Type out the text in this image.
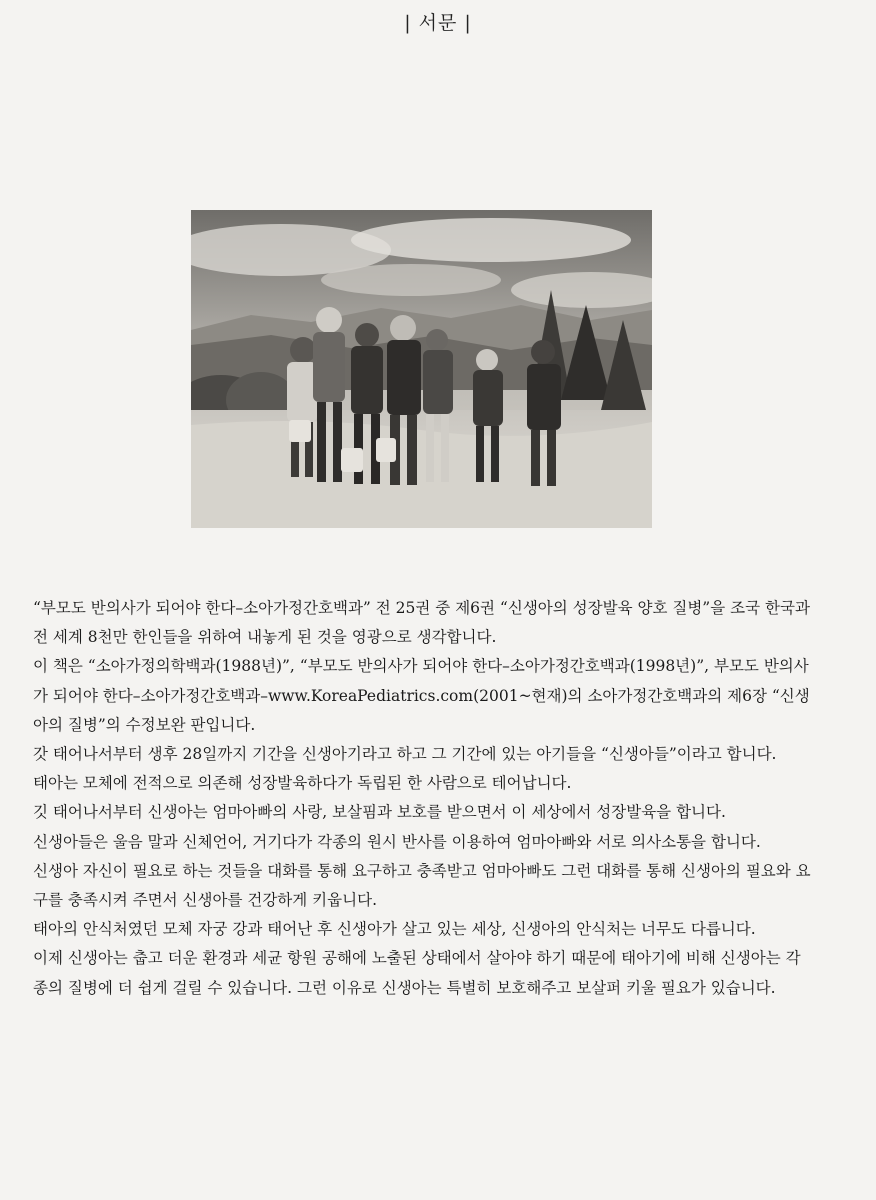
| 서문 |

“부모도 반의사가 되어야 한다–소아가정간호백과” 전 25권 중 제6권 “신생아의 성장발육 양호 질병”을 조국 한국과 전 세계 8천만 한인들을 위하여 내놓게 된 것을 영광으로 생각합니다.

이 책은 “소아가정의학백과(1988년)”, “부모도 반의사가 되어야 한다–소아가정간호백과(1998년)”, 부모도 반의사가 되어야 한다–소아가정간호백과–www.KoreaPediatrics.com(2001~현재)의 소아가정간호백과의 제6장 “신생아의 질병”의 수정보완 판입니다.

갓 태어나서부터 생후 28일까지 기간을 신생아기라고 하고 그 기간에 있는 아기들을 “신생아들”이라고 합니다.

태아는 모체에 전적으로 의존해 성장발육하다가 독립된 한 사람으로 테어납니다.

깃 태어나서부터 신생아는 엄마아빠의 사랑, 보살핌과 보호를 받으면서 이 세상에서 성장발육을 합니다.

신생아들은 울음 말과 신체언어, 거기다가 각종의 원시 반사를 이용하여 엄마아빠와 서로 의사소통을 합니다.

신생아 자신이 필요로 하는 것들을 대화를 통해 요구하고 충족받고 엄마아빠도 그런 대화를 통해 신생아의 필요와 요구를 충족시켜 주면서 신생아를 건강하게 키웁니다.

태아의 안식처였던 모체 자궁 강과 태어난 후 신생아가 살고 있는 세상, 신생아의 안식처는 너무도 다릅니다.

이제 신생아는 춥고 더운 환경과 세균 항원 공해에 노출된 상태에서 살아야 하기 때문에 태아기에 비해 신생아는 각종의 질병에 더 쉽게 걸릴 수 있습니다. 그런 이유로 신생아는 특별히 보호해주고 보살퍼 키울 필요가 있습니다.
